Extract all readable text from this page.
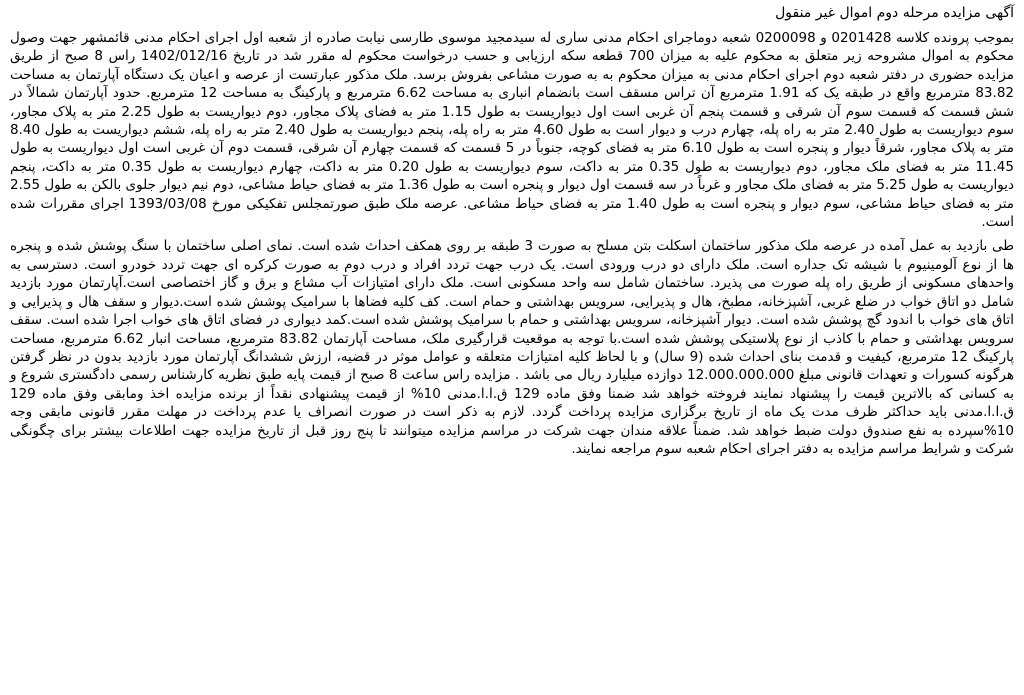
آگهی مزایده مرحله دوم اموال غیر منقول

بموجب پرونده کلاسه 0201428 و 0200098 شعبه دوماجرای احکام مدنی ساری له سیدمجید موسوی طارسی نیابت صادره از شعبه اول اجرای احکام مدنی قائمشهر جهت وصول محکوم به اموال مشروحه زیر متعلق به محکوم علیه به میزان 700 قطعه سکه ارزیابی و حسب درخواست محکوم له مقرر شد در تاریخ 1402/012/16 راس 8 صبح از طریق مزایده حضوری در دفتر شعبه دوم اجرای احکام مدنی به میزان محکوم به به صورت مشاعی بفروش برسد. ملک مذکور عبارتست از عرصه و اعیان یک دستگاه آپارتمان به مساحت 83.82 مترمربع واقع در طبقه یک که 1.91 مترمربع آن تراس مسقف است بانضمام انباری به مساحت 6.62 مترمربع و پارکینگ به مساحت 12 مترمربع. حدود آپارتمان شمالاً در شش قسمت که قسمت سوم آن شرقی و قسمت پنجم آن غربی است اول دیواریست به طول 1.15 متر به فضای پلاک مجاور، دوم دیواریست به طول 2.25 متر به پلاک مجاور، سوم دیواریست به طول 2.40 متر به راه پله، چهارم درب و دیوار است به طول 4.60 متر به راه پله، پنجم دیواریست به طول 2.40 متر به راه پله، ششم دیواریست به طول 8.40 متر به پلاک مجاور، شرقاً دیوار و پنجره است به طول 6.10 متر به فضای کوچه، جنوباً در 5 قسمت که قسمت چهارم آن شرقی، قسمت دوم آن غربی است اول دیواریست به طول 11.45 متر به فضای ملک مجاور، دوم دیواریست به طول 0.35 متر به داکت، سوم دیواریست به طول 0.20 متر به داکت، چهارم دیواریست به طول 0.35 متر به داکت، پنجم دیواریست به طول 5.25 متر به فضای ملک مجاور و غرباً در سه قسمت اول دیوار و پنجره است به طول 1.36 متر به فضای حیاط مشاعی، دوم نیم دیوار جلوی بالکن به طول 2.55 متر به فضای حیاط مشاعی، سوم دیوار و پنجره است به طول 1.40 متر به فضای حیاط مشاعی. عرصه ملک طبق صورتمجلس تفکیکی مورخ 1393/03/08 اجرای مقررات شده است.

طی بازدید به عمل آمده در عرصه ملک مذکور ساختمان اسکلت بتن مسلح به صورت 3 طبقه بر روی همکف احداث شده است. نمای اصلی ساختمان با سنگ پوشش شده و پنجره ها از نوع آلومینیوم با شیشه تک جداره است. ملک دارای دو درب ورودی است. یک درب جهت تردد افراد و درب دوم به صورت کرکره ای جهت تردد خودرو است. دسترسی به واحدهای مسکونی از طریق راه پله صورت می پذیرد. ساختمان شامل سه واحد مسکونی است. ملک دارای امتیازات آب مشاع و برق و گاز اختصاصی است.آپارتمان مورد بازدید شامل دو اتاق خواب در ضلع غربی، آشپزخانه، مطبخ، هال و پذیرایی، سرویس بهداشتی و حمام است. کف کلیه فضاها با سرامیک پوشش شده است.دیوار و سقف هال و پذیرایی و اتاق های خواب با اندود گچ پوشش شده است. دیوار آشپزخانه، سرویس بهداشتی و حمام با سرامیک پوشش شده است.کمد دیواری در فضای اتاق های خواب اجرا شده است. سقف سرویس بهداشتی و حمام با کاذب از نوع پلاستیکی پوشش شده است.با توجه به موقعیت قرارگیری ملک، مساحت آپارتمان 83.82 مترمربع، مساحت انبار 6.62 مترمربع، مساحت پارکینگ 12 مترمربع، کیفیت و قدمت بنای احداث شده (9 سال) و با لحاظ کلیه امتیازات متعلقه و عوامل موثر در قضیه، ارزش ششدانگ آپارتمان مورد بازدید بدون در نظر گرفتن هرگونه کسورات و تعهدات قانونی مبلغ 12.000.000.000 دوازده میلیارد ریال می باشد . مزایده راس ساعت 8 صبح از قیمت پایه طبق نظریه کارشناس رسمی دادگستری شروع و به کسانی که بالاترین قیمت را پیشنهاد نمایند فروخته خواهد شد ضمنا وفق ماده 129 ق.ا.ا.مدنی 10% از قیمت پیشنهادی نقداً از برنده مزایده اخذ ومابقی وفق ماده 129 ق.ا.ا.مدنی باید حداکثر ظرف مدت یک ماه از تاریخ برگزاری مزایده پرداخت گردد. لازم به ذکر است در صورت انصراف یا عدم پرداخت در مهلت مقرر قانونی مابقی وجه 10%سپرده به نفع صندوق دولت ضبط خواهد شد. ضمناً علاقه مندان جهت شرکت در مراسم مزایده میتوانند تا پنج روز قبل از تاریخ مزایده جهت اطلاعات بیشتر برای چگونگی شرکت و شرایط مراسم مزایده به دفتر اجرای احکام شعبه سوم مراجعه نمایند.
